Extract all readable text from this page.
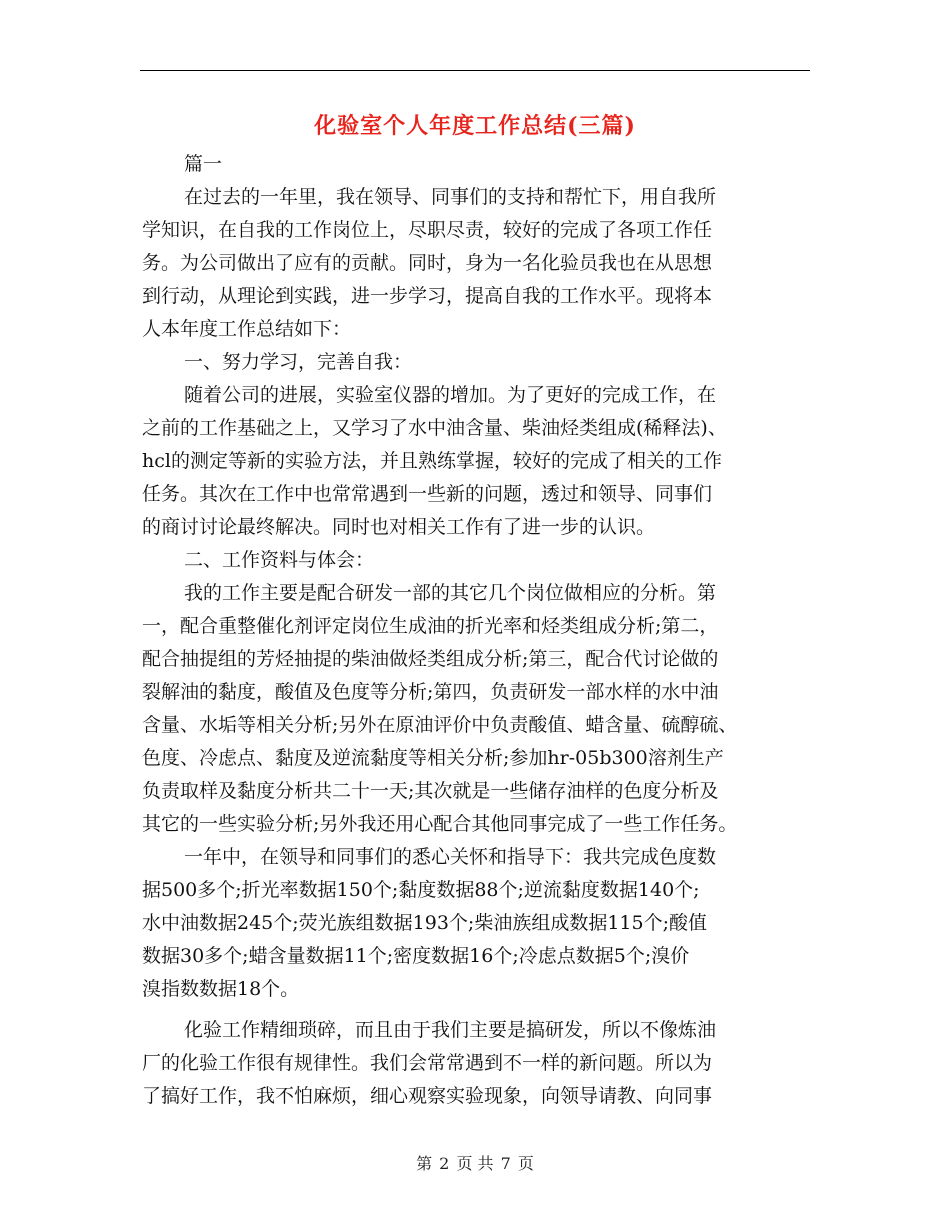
化验室个人年度工作总结(三篇)
篇一
在过去的一年里，我在领导、同事们的支持和帮忙下，用自我所
学知识，在自我的工作岗位上，尽职尽责，较好的完成了各项工作任
务。为公司做出了应有的贡献。同时，身为一名化验员我也在从思想
到行动，从理论到实践，进一步学习，提高自我的工作水平。现将本
人本年度工作总结如下：
一、努力学习，完善自我：
随着公司的进展，实验室仪器的增加。为了更好的完成工作，在
之前的工作基础之上，又学习了水中油含量、柴油烃类组成(稀释法)、
hcl的测定等新的实验方法，并且熟练掌握，较好的完成了相关的工作
任务。其次在工作中也常常遇到一些新的问题，透过和领导、同事们
的商讨讨论最终解决。同时也对相关工作有了进一步的认识。
二、工作资料与体会：
我的工作主要是配合研发一部的其它几个岗位做相应的分析。第
一，配合重整催化剂评定岗位生成油的折光率和烃类组成分析;第二，
配合抽提组的芳烃抽提的柴油做烃类组成分析;第三，配合代讨论做的
裂解油的黏度，酸值及色度等分析;第四，负责研发一部水样的水中油
含量、水垢等相关分析;另外在原油评价中负责酸值、蜡含量、硫醇硫、
色度、冷虑点、黏度及逆流黏度等相关分析;参加hr-05b300溶剂生产
负责取样及黏度分析共二十一天;其次就是一些储存油样的色度分析及
其它的一些实验分析;另外我还用心配合其他同事完成了一些工作任务。
一年中，在领导和同事们的悉心关怀和指导下：我共完成色度数
据500多个;折光率数据150个;黏度数据88个;逆流黏度数据140个;
水中油数据245个;荧光族组数据193个;柴油族组成数据115个;酸值
数据30多个;蜡含量数据11个;密度数据16个;冷虑点数据5个;溴价
溴指数数据18个。
化验工作精细琐碎，而且由于我们主要是搞研发，所以不像炼油
厂的化验工作很有规律性。我们会常常遇到不一样的新问题。所以为
了搞好工作，我不怕麻烦，细心观察实验现象，向领导请教、向同事
第 2 页 共 7 页
